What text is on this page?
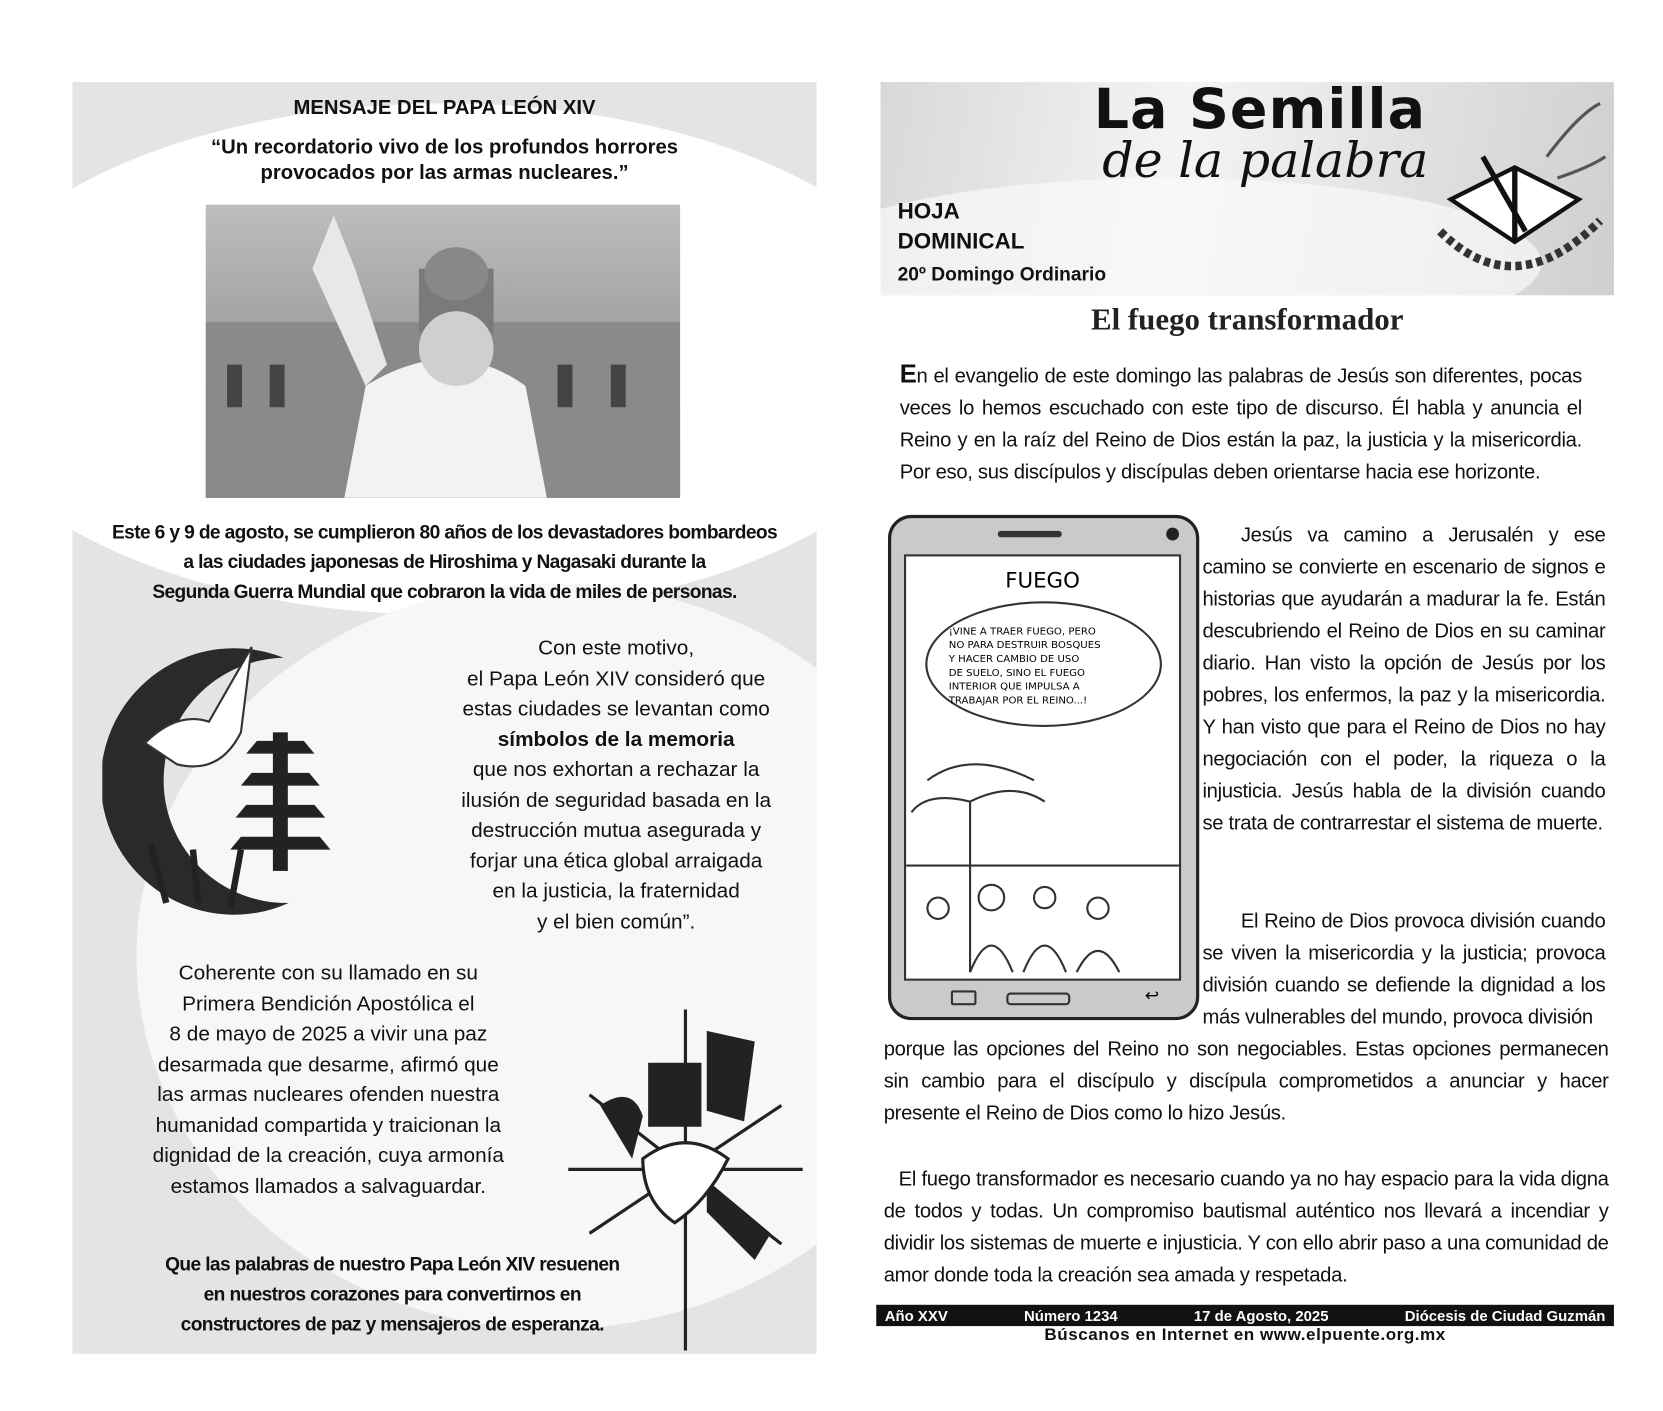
MENSAJE DEL PAPA LEÓN XIV
“Un recordatorio vivo de los profundos horrores
provocados por las armas nucleares.”
Este 6 y 9 de agosto, se cumplieron 80 años de los devastadores bombardeos
a las ciudades japonesas de Hiroshima y Nagasaki durante la
Segunda Guerra Mundial que cobraron la vida de miles de personas.
Con este motivo,
el Papa León XIV consideró que
estas ciudades se levantan como
símbolos de la memoria
que nos exhortan a rechazar la
ilusión de seguridad basada en la
destrucción mutua asegurada y
forjar una ética global arraigada
en la justicia, la fraternidad
y el bien común”.
Coherente con su llamado en su
Primera Bendición Apostólica el
8 de mayo de 2025 a vivir una paz
desarmada que desarme, afirmó que
las armas nucleares ofenden nuestra
humanidad compartida y traicionan la
dignidad de la creación, cuya armonía
estamos llamados a salvaguardar.
Que las palabras de nuestro Papa León XIV resuenen
en nuestros corazones para convertirnos en
constructores de paz y mensajeros de esperanza.
La Semilla
de la palabra
HOJA
DOMINICAL
20º Domingo Ordinario
El fuego transformador
En el evangelio de este domingo las palabras de Jesús son diferentes, pocas veces lo hemos escuchado con este tipo de discurso. Él habla y anuncia el Reino y en la raíz del Reino de Dios están la paz, la justicia y la misericordia. Por eso, sus discípulos y discípulas deben orientarse hacia ese horizonte.
FUEGO
¡VINE A TRAER FUEGO, PERO
NO PARA DESTRUIR BOSQUES
Y HACER CAMBIO DE USO
DE SUELO, SINO EL FUEGO
INTERIOR QUE IMPULSA A
TRABAJAR POR EL REINO...!
↩
Jesús va camino a Jerusalén y ese camino se convierte en escenario de signos e historias que ayudarán a madurar la fe. Están descubriendo el Reino de Dios en su caminar diario. Han visto la opción de Jesús por los pobres, los enfermos, la paz y la misericordia. Y han visto que para el Reino de Dios no hay negociación con el poder, la riqueza o la injusticia. Jesús habla de la división cuando se trata de contrarrestar el sistema de muerte.
El Reino de Dios provoca división cuando se viven la misericordia y la justicia; provoca división cuando se defiende la dignidad a los más vulnerables del mundo, provoca división
porque las opciones del Reino no son negociables. Estas opciones permanecen sin cambio para el discípulo y discípula comprometidos a anunciar y hacer presente el Reino de Dios como lo hizo Jesús.
El fuego transformador es necesario cuando ya no hay espacio para la vida digna de todos y todas. Un compromiso bautismal auténtico nos llevará a incendiar y dividir los sistemas de muerte e injusticia. Y con ello abrir paso a una comunidad de amor donde toda la creación sea amada y respetada.
Año XXV	Número 1234	17 de Agosto, 2025	Diócesis de Ciudad Guzmán
Búscanos en Internet en www.elpuente.org.mx
